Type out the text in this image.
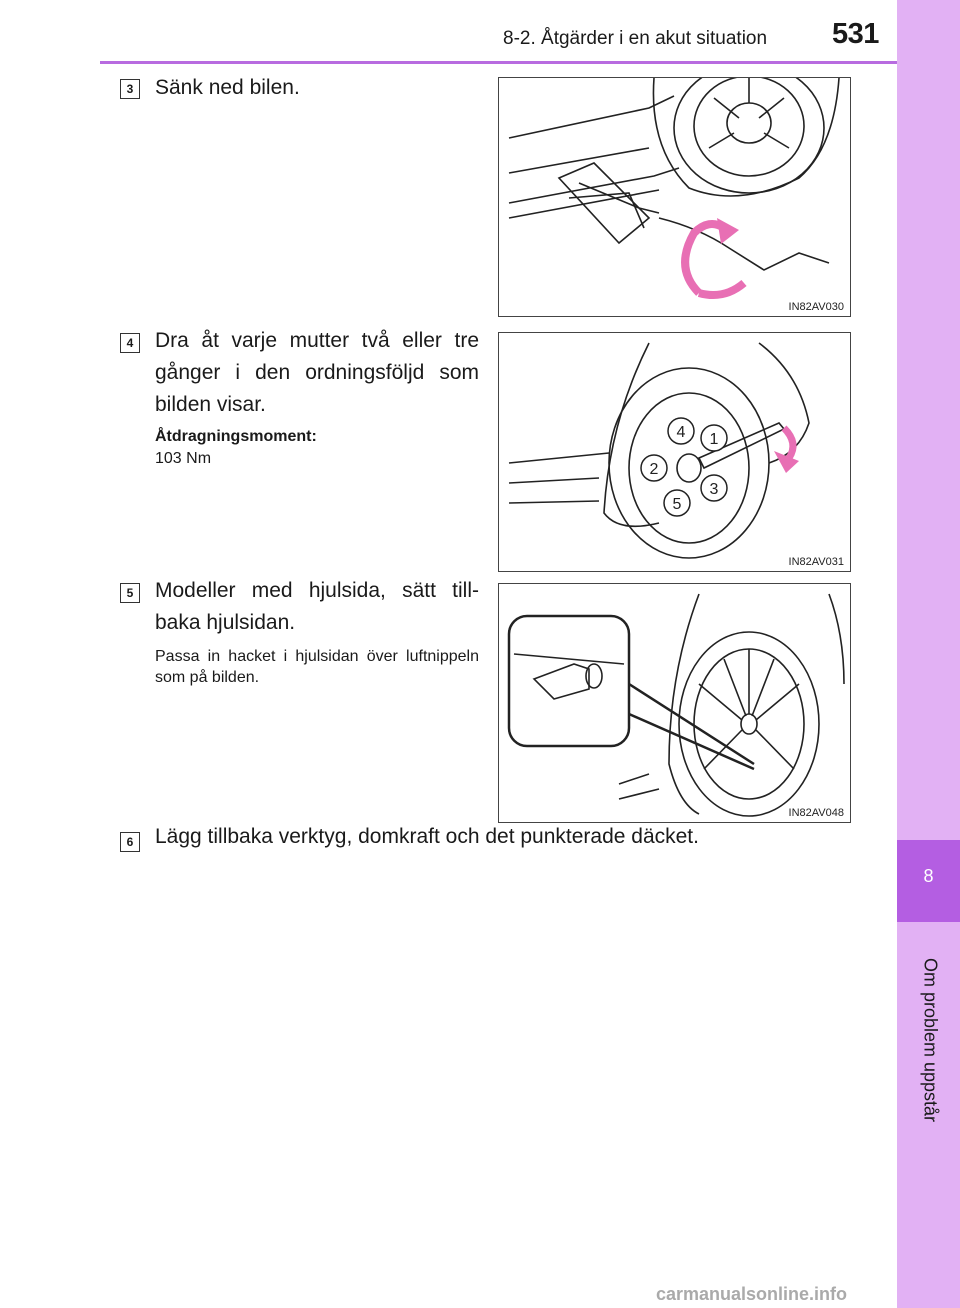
8-2. Åtgärder i en akut situation 531
8
Om problem uppstår
3	Sänk ned bilen.
IN82AV030
4	Dra åt varje mutter två eller tre gånger i den ordningsföljd som bilden visar.
Åtdragningsmoment:
103 Nm
1
2
3
4
5
IN82AV031
5	Modeller med hjulsida, sätt till-baka hjulsidan.
Passa in hacket i hjulsidan över luftnippeln som på bilden.
IN82AV048
6	Lägg tillbaka verktyg, domkraft och det punkterade däcket.
carmanualsonline.info
